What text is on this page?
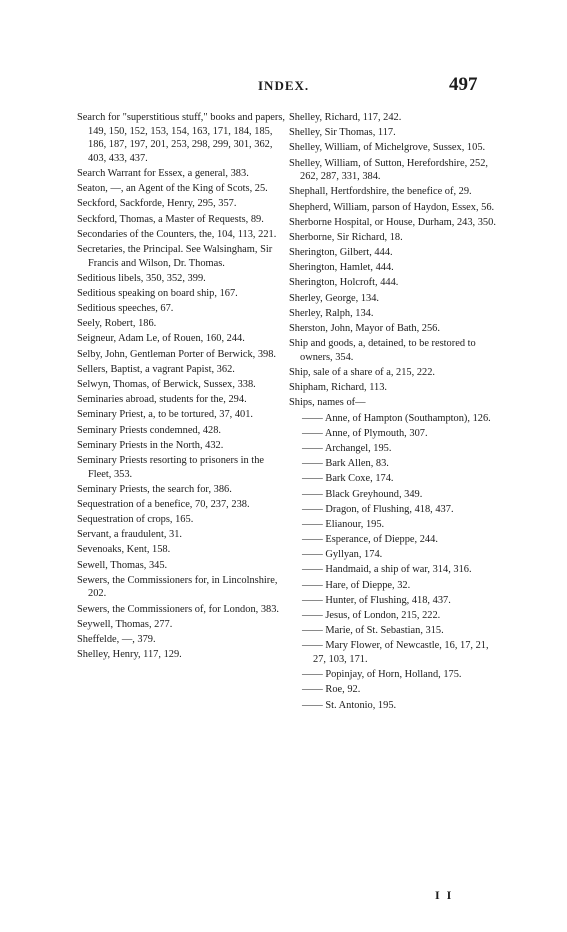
INDEX.	497

Search for "superstitious stuff," books and papers, 149, 150, 152, 153, 154, 163, 171, 184, 185, 186, 187, 197, 201, 253, 298, 299, 301, 362, 403, 433, 437.

Search Warrant for Essex, a general, 383.

Seaton, —, an Agent of the King of Scots, 25.

Seckford, Sackforde, Henry, 295, 357.

Seckford, Thomas, a Master of Requests, 89.

Secondaries of the Counters, the, 104, 113, 221.

Secretaries, the Principal. See Walsingham, Sir Francis and Wilson, Dr. Thomas.

Seditious libels, 350, 352, 399.

Seditious speaking on board ship, 167.

Seditious speeches, 67.

Seely, Robert, 186.

Seigneur, Adam Le, of Rouen, 160, 244.

Selby, John, Gentleman Porter of Berwick, 398.

Sellers, Baptist, a vagrant Papist, 362.

Selwyn, Thomas, of Berwick, Sussex, 338.

Seminaries abroad, students for the, 294.

Seminary Priest, a, to be tortured, 37, 401.

Seminary Priests condemned, 428.

Seminary Priests in the North, 432.

Seminary Priests resorting to prisoners in the Fleet, 353.

Seminary Priests, the search for, 386.

Sequestration of a benefice, 70, 237, 238.

Sequestration of crops, 165.

Servant, a fraudulent, 31.

Sevenoaks, Kent, 158.

Sewell, Thomas, 345.

Sewers, the Commissioners for, in Lincolnshire, 202.

Sewers, the Commissioners of, for London, 383.

Seywell, Thomas, 277.

Sheffelde, —, 379.

Shelley, Henry, 117, 129.

Shelley, Richard, 117, 242.

Shelley, Sir Thomas, 117.

Shelley, William, of Michelgrove, Sussex, 105.

Shelley, William, of Sutton, Herefordshire, 252, 262, 287, 331, 384.

Shephall, Hertfordshire, the benefice of, 29.

Shepherd, William, parson of Haydon, Essex, 56.

Sherborne Hospital, or House, Durham, 243, 350.

Sherborne, Sir Richard, 18.

Sherington, Gilbert, 444.

Sherington, Hamlet, 444.

Sherington, Holcroft, 444.

Sherley, George, 134.

Sherley, Ralph, 134.

Sherston, John, Mayor of Bath, 256.

Ship and goods, a, detained, to be restored to owners, 354.

Ship, sale of a share of a, 215, 222.

Shipham, Richard, 113.

Ships, names of—

—— Anne, of Hampton (Southampton), 126.

—— Anne, of Plymouth, 307.

—— Archangel, 195.

—— Bark Allen, 83.

—— Bark Coxe, 174.

—— Black Greyhound, 349.

—— Dragon, of Flushing, 418, 437.

—— Elianour, 195.

—— Esperance, of Dieppe, 244.

—— Gyllyan, 174.

—— Handmaid, a ship of war, 314, 316.

—— Hare, of Dieppe, 32.

—— Hunter, of Flushing, 418, 437.

—— Jesus, of London, 215, 222.

—— Marie, of St. Sebastian, 315.

—— Mary Flower, of Newcastle, 16, 17, 21, 27, 103, 171.

—— Popinjay, of Horn, Holland, 175.

—— Roe, 92.

—— St. Antonio, 195.

I I
